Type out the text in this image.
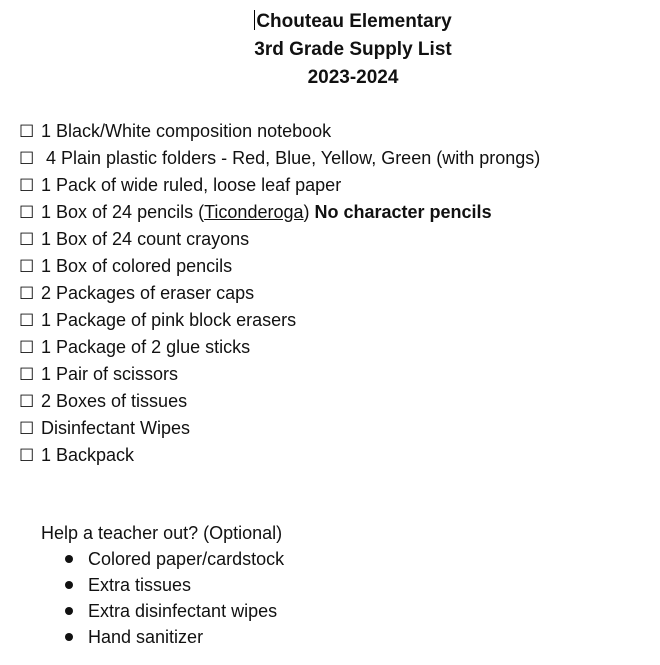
Chouteau Elementary
3rd Grade Supply List
2023-2024
☐ 1 Black/White composition notebook
☐ 4 Plain plastic folders - Red, Blue, Yellow, Green (with prongs)
☐ 1 Pack of wide ruled, loose leaf paper
☐ 1 Box of 24 pencils (Ticonderoga) No character pencils
☐ 1 Box of 24 count crayons
☐ 1 Box of colored pencils
☐ 2 Packages of eraser caps
☐ 1 Package of pink block erasers
☐ 1 Package of 2 glue sticks
☐ 1 Pair of scissors
☐ 2 Boxes of tissues
☐ Disinfectant Wipes
☐ 1 Backpack
Help a teacher out? (Optional)
Colored paper/cardstock
Extra tissues
Extra disinfectant wipes
Hand sanitizer
